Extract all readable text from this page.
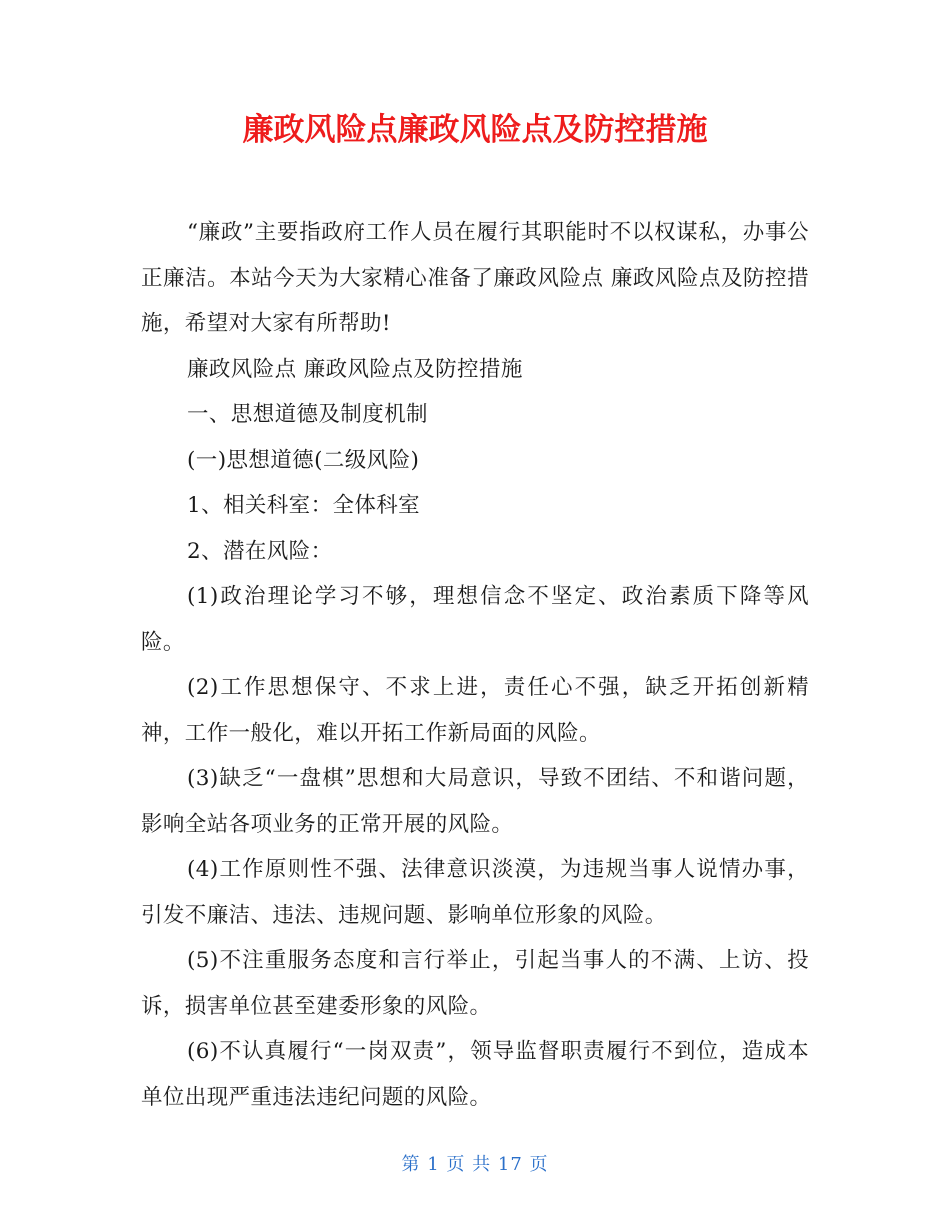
廉政风险点廉政风险点及防控措施

“廉政”主要指政府工作人员在履行其职能时不以权谋私，办事公正廉洁。本站今天为大家精心准备了廉政风险点 廉政风险点及防控措施，希望对大家有所帮助!

廉政风险点 廉政风险点及防控措施

一、思想道德及制度机制

(一)思想道德(二级风险)

1、相关科室：全体科室

2、潜在风险：

(1)政治理论学习不够，理想信念不坚定、政治素质下降等风险。

(2)工作思想保守、不求上进，责任心不强，缺乏开拓创新精神，工作一般化，难以开拓工作新局面的风险。

(3)缺乏“一盘棋”思想和大局意识，导致不团结、不和谐问题，影响全站各项业务的正常开展的风险。

(4)工作原则性不强、法律意识淡漠，为违规当事人说情办事，引发不廉洁、违法、违规问题、影响单位形象的风险。

(5)不注重服务态度和言行举止，引起当事人的不满、上访、投诉，损害单位甚至建委形象的风险。

(6)不认真履行“一岗双责”，领导监督职责履行不到位，造成本单位出现严重违法违纪问题的风险。

第 1 页 共 17 页
